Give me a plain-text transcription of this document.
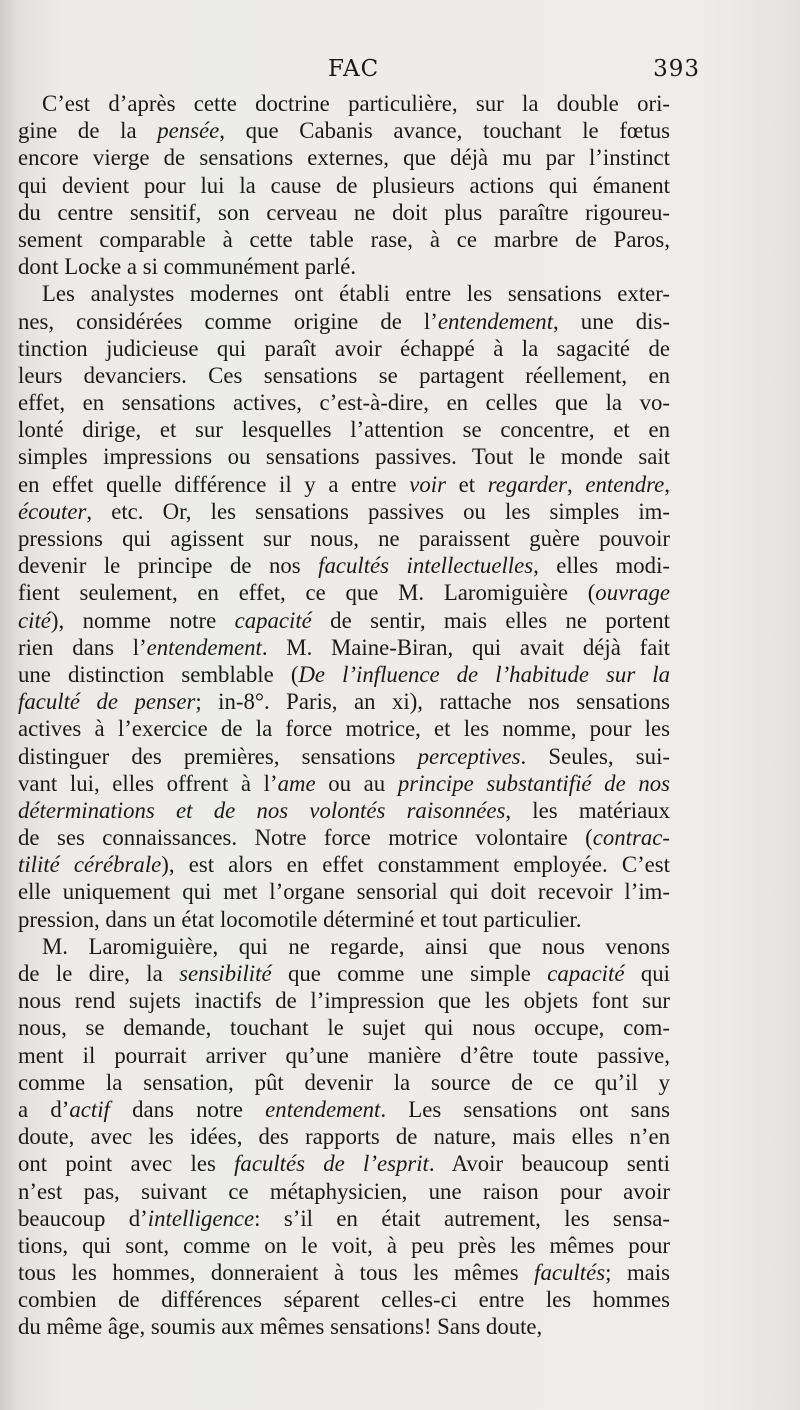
FAC	393
C’est d’après cette doctrine particulière, sur la double ori-
gine de la pensée, que Cabanis avance, touchant le fœtus
encore vierge de sensations externes, que déjà mu par l’instinct
qui devient pour lui la cause de plusieurs actions qui émanent
du centre sensitif, son cerveau ne doit plus paraître rigoureu-
sement comparable à cette table rase, à ce marbre de Paros,
dont Locke a si communément parlé.
Les analystes modernes ont établi entre les sensations exter-
nes, considérées comme origine de l’entendement, une dis-
tinction judicieuse qui paraît avoir échappé à la sagacité de
leurs devanciers. Ces sensations se partagent réellement, en
effet, en sensations actives, c’est-à-dire, en celles que la vo-
lonté dirige, et sur lesquelles l’attention se concentre, et en
simples impressions ou sensations passives. Tout le monde sait
en effet quelle différence il y a entre voir et regarder, entendre,
écouter, etc. Or, les sensations passives ou les simples im-
pressions qui agissent sur nous, ne paraissent guère pouvoir
devenir le principe de nos facultés intellectuelles, elles modi-
fient seulement, en effet, ce que M. Laromiguière (ouvrage
cité), nomme notre capacité de sentir, mais elles ne portent
rien dans l’entendement. M. Maine-Biran, qui avait déjà fait
une distinction semblable (De l’influence de l’habitude sur la
faculté de penser; in-8°. Paris, an xi), rattache nos sensations
actives à l’exercice de la force motrice, et les nomme, pour les
distinguer des premières, sensations perceptives. Seules, sui-
vant lui, elles offrent à l’ame ou au principe substantifié de nos
déterminations et de nos volontés raisonnées, les matériaux
de ses connaissances. Notre force motrice volontaire (contrac-
tilité cérébrale), est alors en effet constamment employée. C’est
elle uniquement qui met l’organe sensorial qui doit recevoir l’im-
pression, dans un état locomotile déterminé et tout particulier.
M. Laromiguière, qui ne regarde, ainsi que nous venons
de le dire, la sensibilité que comme une simple capacité qui
nous rend sujets inactifs de l’impression que les objets font sur
nous, se demande, touchant le sujet qui nous occupe, com-
ment il pourrait arriver qu’une manière d’être toute passive,
comme la sensation, pût devenir la source de ce qu’il y
a d’actif dans notre entendement. Les sensations ont sans
doute, avec les idées, des rapports de nature, mais elles n’en
ont point avec les facultés de l’esprit. Avoir beaucoup senti
n’est pas, suivant ce métaphysicien, une raison pour avoir
beaucoup d’intelligence: s’il en était autrement, les sensa-
tions, qui sont, comme on le voit, à peu près les mêmes pour
tous les hommes, donneraient à tous les mêmes facultés; mais
combien de différences séparent celles-ci entre les hommes
du même âge, soumis aux mêmes sensations! Sans doute,
